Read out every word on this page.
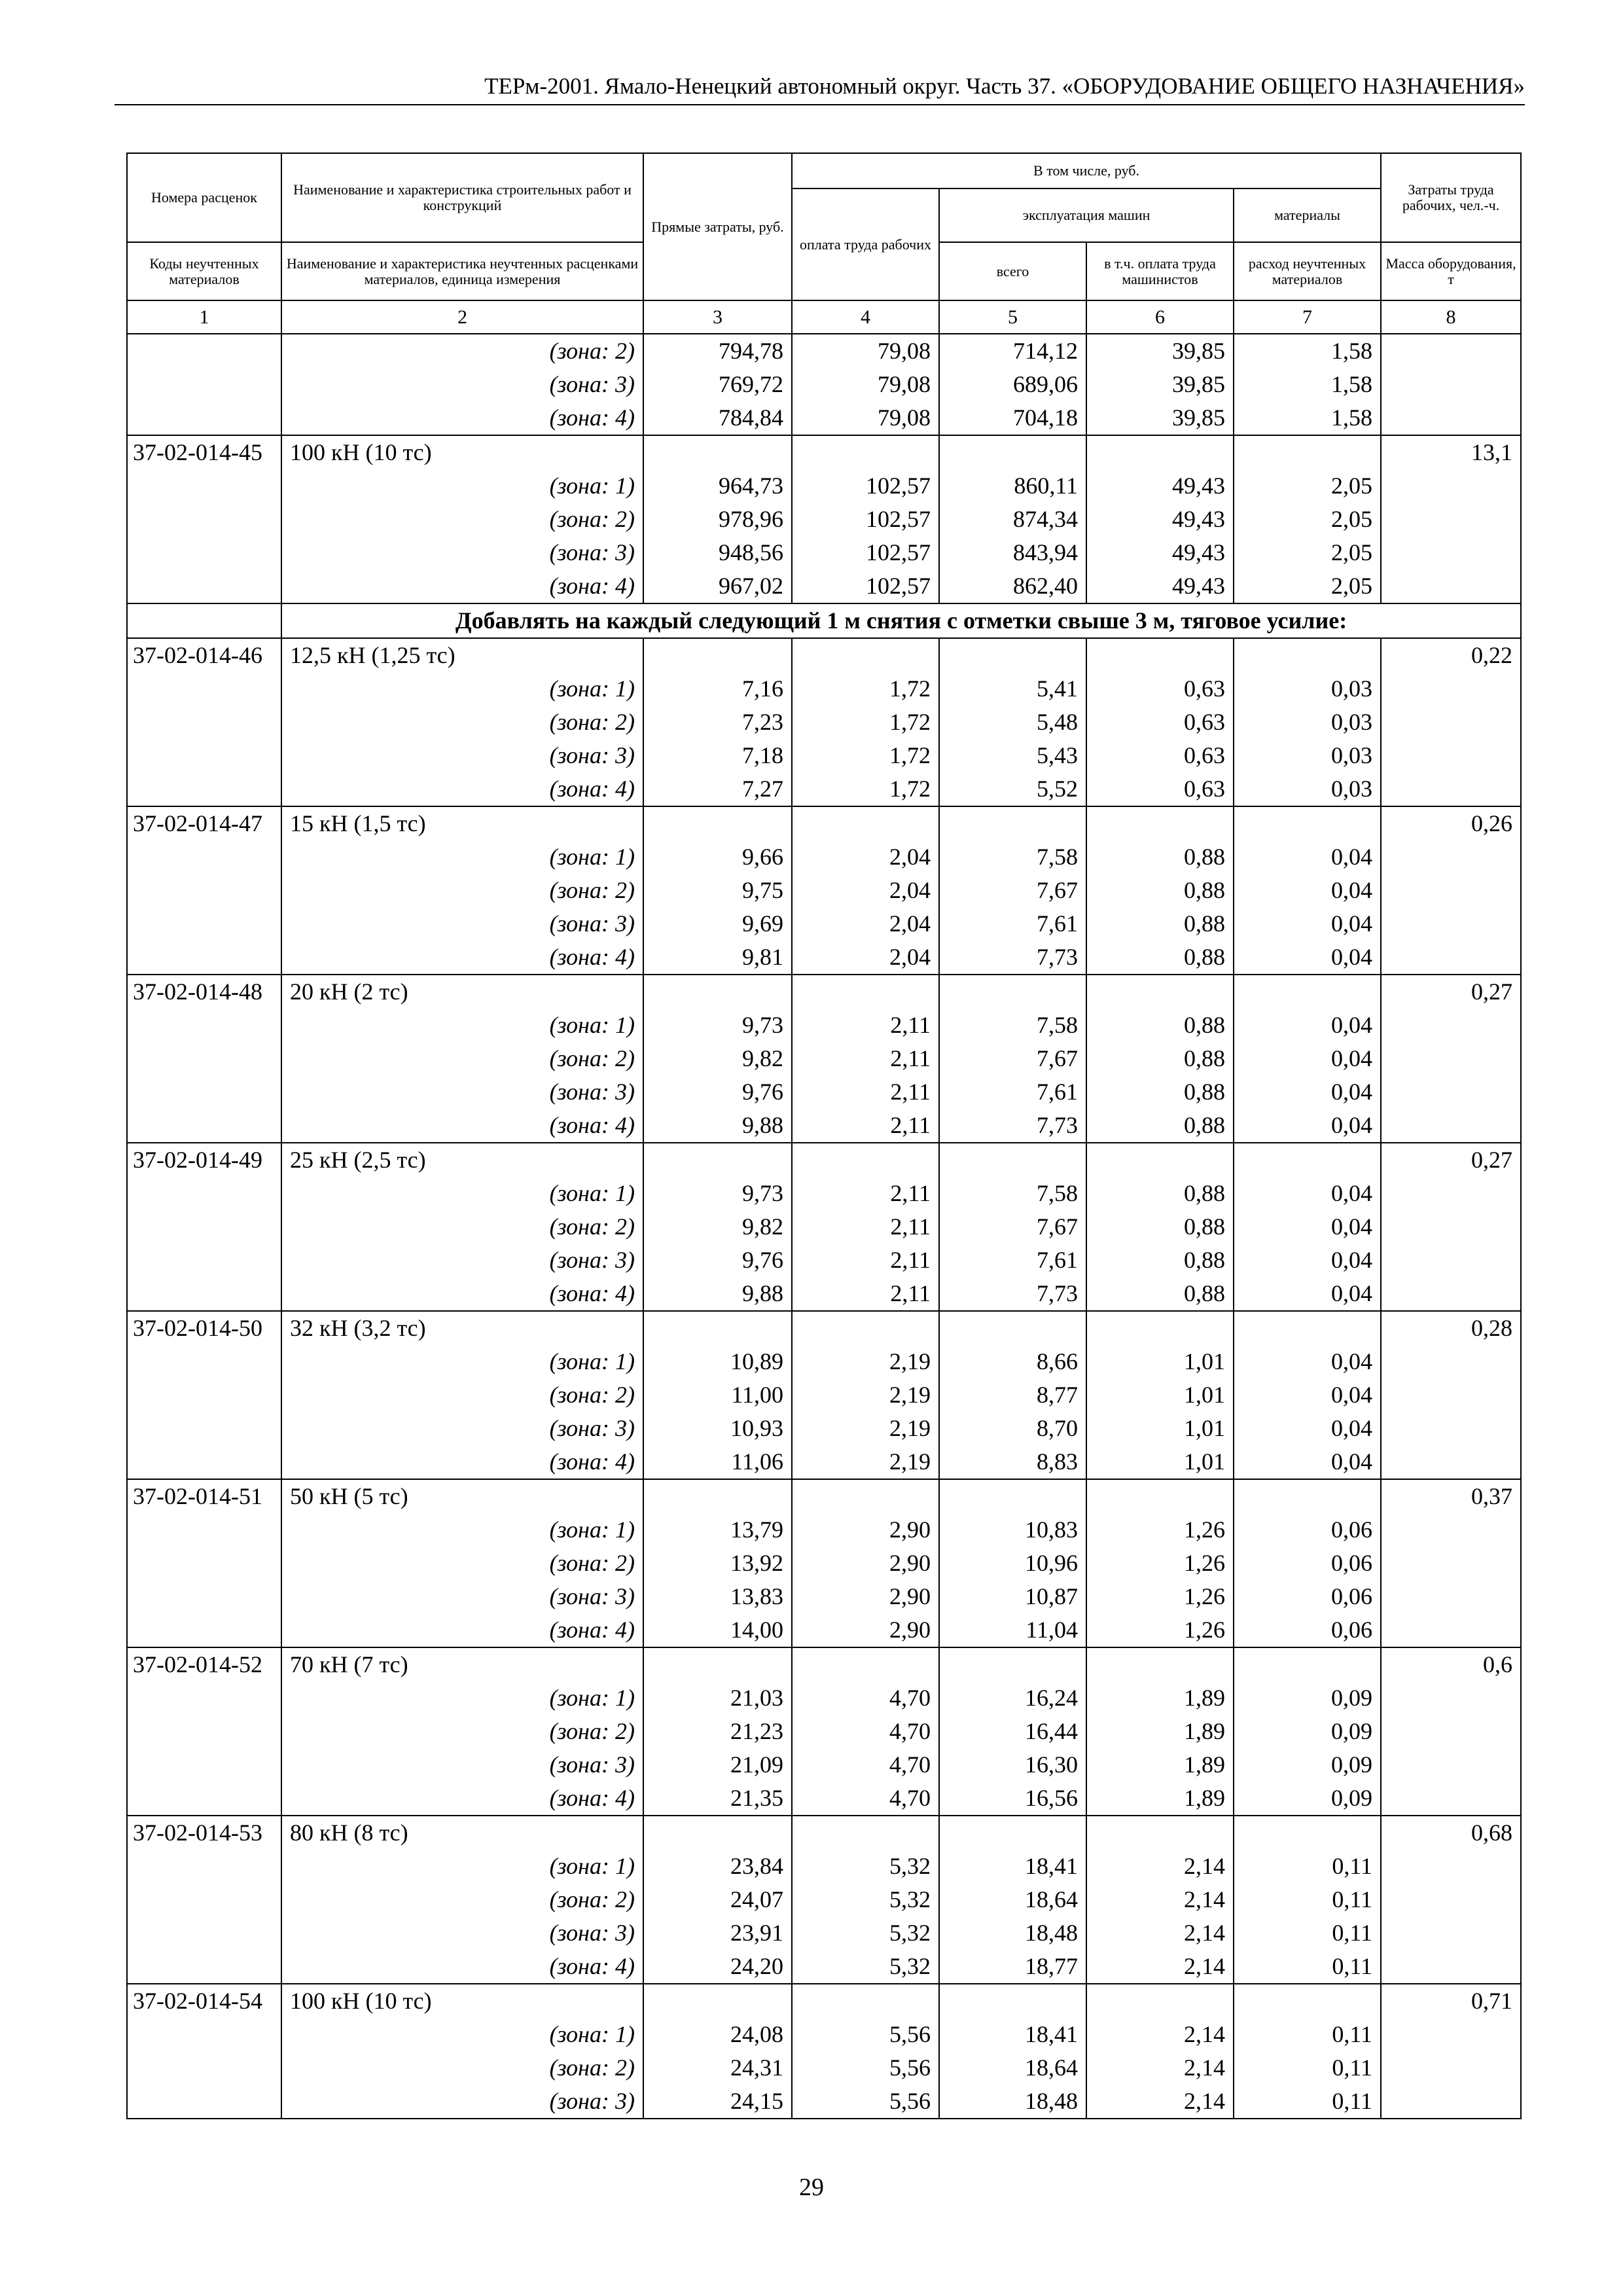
ТЕРм-2001. Ямало-Ненецкий автономный округ. Часть 37. «ОБОРУДОВАНИЕ ОБЩЕГО НАЗНАЧЕНИЯ»
Номера расценок	Наименование и характеристика строительных работ и конструкций	Прямые затраты, руб.	В том числе, руб.				Затраты труда рабочих, чел.-ч.
			оплата труда рабочих	эксплуатация машин		материалы	
Коды неучтенных материалов	Наименование и характеристика неучтенных расценками материалов, единица измерения			всего	в т.ч. оплата труда машинистов	расход неучтенных материалов	Масса оборудования, т
1	2	3	4	5	6	7	8
	(зона: 2)	794,78	79,08	714,12	39,85	1,58	
	(зона: 3)	769,72	79,08	689,06	39,85	1,58	
	(зона: 4)	784,84	79,08	704,18	39,85	1,58	
37-02-014-45	100 кН (10 тс)						13,1
	(зона: 1)	964,73	102,57	860,11	49,43	2,05	
	(зона: 2)	978,96	102,57	874,34	49,43	2,05	
	(зона: 3)	948,56	102,57	843,94	49,43	2,05	
	(зона: 4)	967,02	102,57	862,40	49,43	2,05	
	Добавлять на каждый следующий 1 м снятия с отметки свыше 3 м, тяговое усилие:						
37-02-014-46	12,5 кН (1,25 тс)						0,22
	(зона: 1)	7,16	1,72	5,41	0,63	0,03	
	(зона: 2)	7,23	1,72	5,48	0,63	0,03	
	(зона: 3)	7,18	1,72	5,43	0,63	0,03	
	(зона: 4)	7,27	1,72	5,52	0,63	0,03	
37-02-014-47	15 кН (1,5 тс)						0,26
	(зона: 1)	9,66	2,04	7,58	0,88	0,04	
	(зона: 2)	9,75	2,04	7,67	0,88	0,04	
	(зона: 3)	9,69	2,04	7,61	0,88	0,04	
	(зона: 4)	9,81	2,04	7,73	0,88	0,04	
37-02-014-48	20 кН (2 тс)						0,27
	(зона: 1)	9,73	2,11	7,58	0,88	0,04	
	(зона: 2)	9,82	2,11	7,67	0,88	0,04	
	(зона: 3)	9,76	2,11	7,61	0,88	0,04	
	(зона: 4)	9,88	2,11	7,73	0,88	0,04	
37-02-014-49	25 кН (2,5 тс)						0,27
	(зона: 1)	9,73	2,11	7,58	0,88	0,04	
	(зона: 2)	9,82	2,11	7,67	0,88	0,04	
	(зона: 3)	9,76	2,11	7,61	0,88	0,04	
	(зона: 4)	9,88	2,11	7,73	0,88	0,04	
37-02-014-50	32 кН (3,2 тс)						0,28
	(зона: 1)	10,89	2,19	8,66	1,01	0,04	
	(зона: 2)	11,00	2,19	8,77	1,01	0,04	
	(зона: 3)	10,93	2,19	8,70	1,01	0,04	
	(зона: 4)	11,06	2,19	8,83	1,01	0,04	
37-02-014-51	50 кН (5 тс)						0,37
	(зона: 1)	13,79	2,90	10,83	1,26	0,06	
	(зона: 2)	13,92	2,90	10,96	1,26	0,06	
	(зона: 3)	13,83	2,90	10,87	1,26	0,06	
	(зона: 4)	14,00	2,90	11,04	1,26	0,06	
37-02-014-52	70 кН (7 тс)						0,6
	(зона: 1)	21,03	4,70	16,24	1,89	0,09	
	(зона: 2)	21,23	4,70	16,44	1,89	0,09	
	(зона: 3)	21,09	4,70	16,30	1,89	0,09	
	(зона: 4)	21,35	4,70	16,56	1,89	0,09	
37-02-014-53	80 кН (8 тс)						0,68
	(зона: 1)	23,84	5,32	18,41	2,14	0,11	
	(зона: 2)	24,07	5,32	18,64	2,14	0,11	
	(зона: 3)	23,91	5,32	18,48	2,14	0,11	
	(зона: 4)	24,20	5,32	18,77	2,14	0,11	
37-02-014-54	100 кН (10 тс)						0,71
	(зона: 1)	24,08	5,56	18,41	2,14	0,11	
	(зона: 2)	24,31	5,56	18,64	2,14	0,11	
	(зона: 3)	24,15	5,56	18,48	2,14	0,11	
29
